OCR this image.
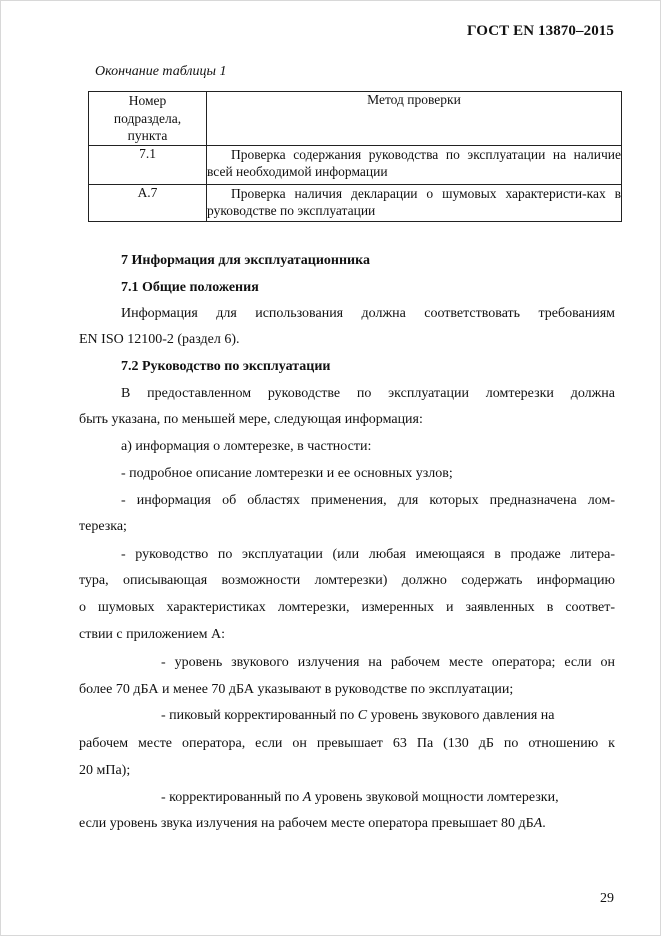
ГОСТ EN 13870–2015
Окончание таблицы 1
Номер
подраздела,
пункта	Метод проверки
7.1	Проверка содержания руководства по эксплуатации на наличие всей необходимой информации
А.7	Проверка наличия декларации о шумовых характеристи-ках в руководстве по эксплуатации
7 Информация для эксплуатационника
7.1 Общие положения
Информация для использования должна соответствовать требованиям
EN ISO 12100-2 (раздел 6).
7.2 Руководство по эксплуатации
В предоставленном руководстве по эксплуатации ломтерезки должна
быть указана, по меньшей мере, следующая информация:
а) информация о ломтерезке, в частности:
- подробное описание ломтерезки и ее основных узлов;
- информация об областях применения, для которых предназначена лом-
терезка;
- руководство по эксплуатации (или любая имеющаяся в продаже литера-
тура, описывающая возможности ломтерезки) должно содержать информацию
о шумовых характеристиках ломтерезки, измеренных и заявленных в соответ-
ствии с приложением А:
- уровень звукового излучения на рабочем месте оператора; если он
более 70 дБА и менее 70 дБА указывают в руководстве по эксплуатации;
- пиковый корректированный по C уровень звукового давления на
рабочем месте оператора, если он превышает 63 Па (130 дБ по отношению к
20 мПа);
- корректированный по А уровень звуковой мощности ломтерезки,
если уровень звука излучения на рабочем месте оператора превышает 80 дБА.
29
